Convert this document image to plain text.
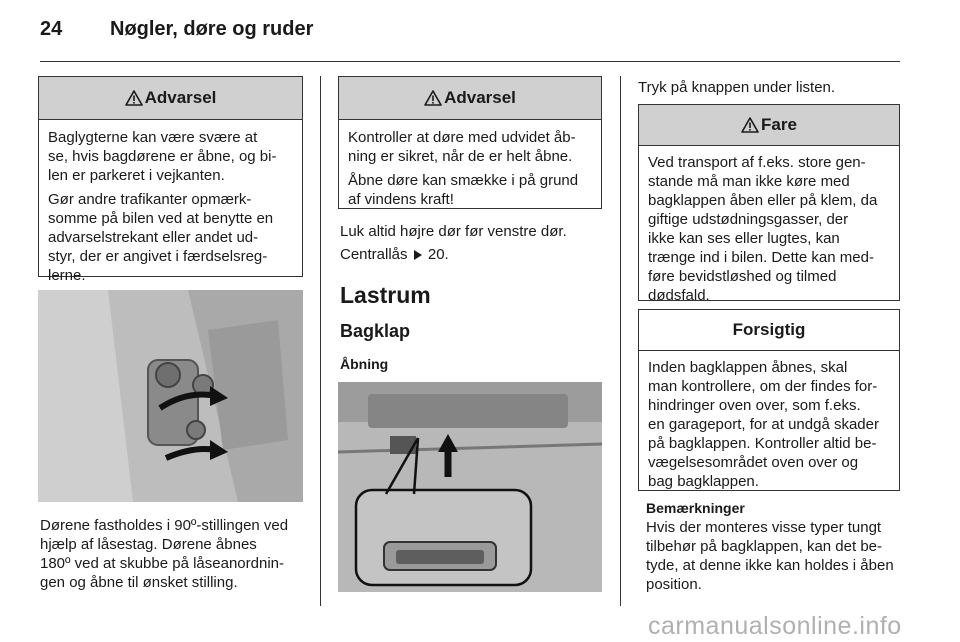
24 Nøgler, døre og ruder
Advarsel

Baglygterne kan være svære at
se, hvis bagdørene er åbne, og bi-
len er parkeret i vejkanten.

Gør andre trafikanter opmærk-
somme på bilen ved at benytte en
advarselstrekant eller andet ud-
styr, der er angivet i færdselsreg-
lerne.

Dørene fastholdes i 90º-stillingen ved
hjælp af låsestag. Dørene åbnes
180º ved at skubbe på låseanordnin-
gen og åbne til ønsket stilling.
Advarsel

Kontroller at døre med udvidet åb-
ning er sikret, når de er helt åbne.

Åbne døre kan smække i på grund
af vindens kraft!

Luk altid højre dør før venstre dør.
Centrallås 20.
Lastrum
Bagklap
Åbning
Tryk på knappen under listen.
Fare
Ved transport af f.eks. store gen-
stande må man ikke køre med
bagklappen åben eller på klem, da
giftige udstødningsgasser, der
ikke kan ses eller lugtes, kan
trænge ind i bilen. Dette kan med-
føre bevidstløshed og tilmed
dødsfald.
Forsigtig
Inden bagklappen åbnes, skal
man kontrollere, om der findes for-
hindringer oven over, som f.eks.
en garageport, for at undgå skader
på bagklappen. Kontroller altid be-
vægelsesområdet oven over og
bag bagklappen.
Bemærkninger
Hvis der monteres visse typer tungt
tilbehør på bagklappen, kan det be-
tyde, at denne ikke kan holdes i åben
position.
carmanualsonline.info
